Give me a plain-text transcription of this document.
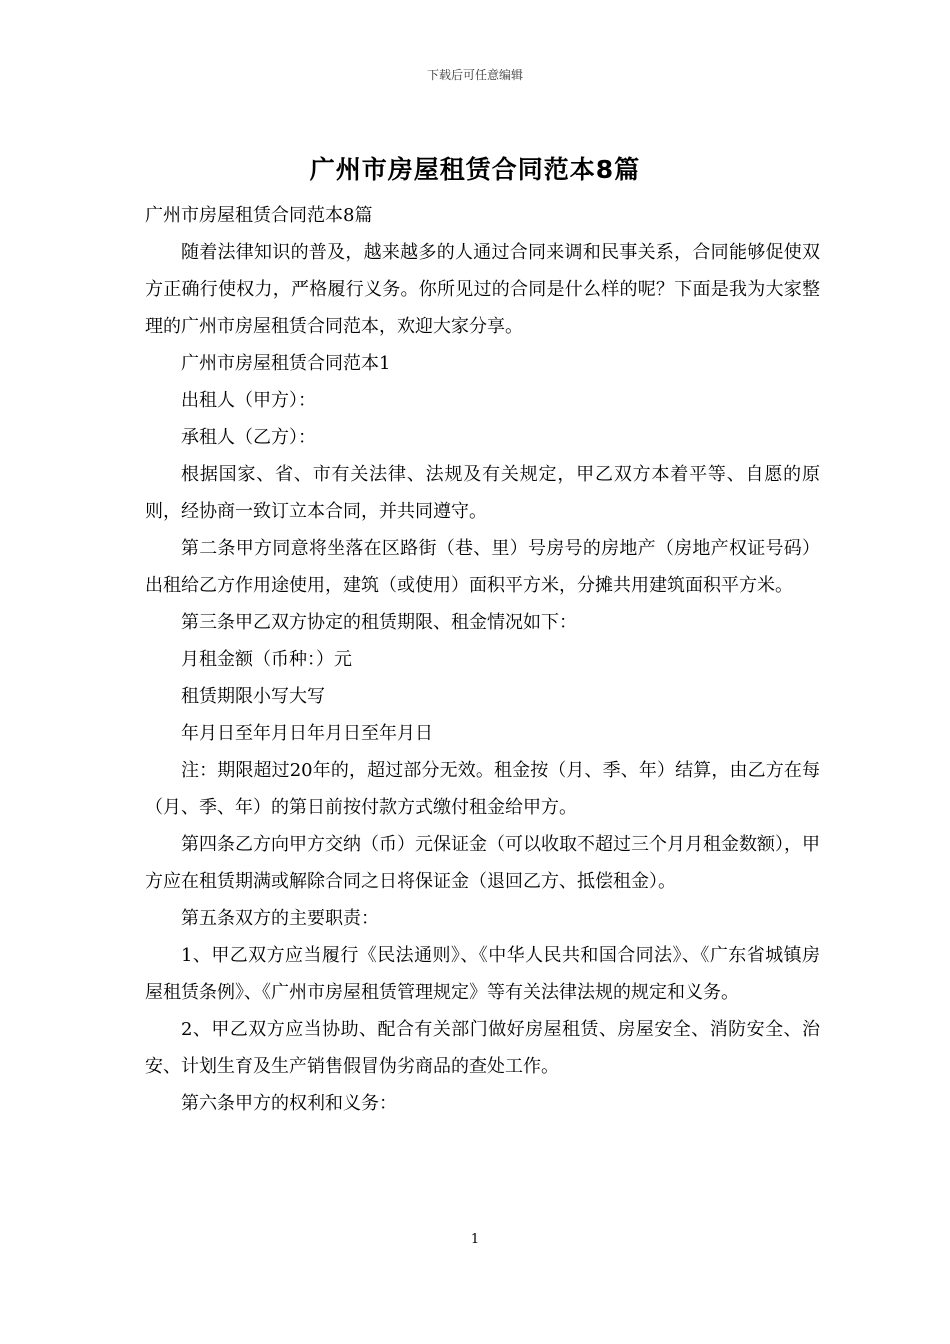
下载后可任意编辑
广州市房屋租赁合同范本8篇

广州市房屋租赁合同范本8篇

随着法律知识的普及，越来越多的人通过合同来调和民事关系，合同能够促使双方正确行使权力，严格履行义务。你所见过的合同是什么样的呢？下面是我为大家整理的广州市房屋租赁合同范本，欢迎大家分享。

广州市房屋租赁合同范本1

出租人（甲方）：

承租人（乙方）：

根据国家、省、市有关法律、法规及有关规定，甲乙双方本着平等、自愿的原则，经协商一致订立本合同，并共同遵守。

第二条甲方同意将坐落在区路街（巷、里）号房号的房地产（房地产权证号码）出租给乙方作用途使用，建筑（或使用）面积平方米，分摊共用建筑面积平方米。

第三条甲乙双方协定的租赁期限、租金情况如下：

月租金额（币种：）元

租赁期限小写大写

年月日至年月日年月日至年月日

注：期限超过20年的，超过部分无效。租金按（月、季、年）结算，由乙方在每（月、季、年）的第日前按付款方式缴付租金给甲方。

第四条乙方向甲方交纳（币）元保证金（可以收取不超过三个月月租金数额），甲方应在租赁期满或解除合同之日将保证金（退回乙方、抵偿租金）。

第五条双方的主要职责：

1、甲乙双方应当履行《民法通则》、《中华人民共和国合同法》、《广东省城镇房屋租赁条例》、《广州市房屋租赁管理规定》等有关法律法规的规定和义务。

2、甲乙双方应当协助、配合有关部门做好房屋租赁、房屋安全、消防安全、治安、计划生育及生产销售假冒伪劣商品的查处工作。

第六条甲方的权利和义务：

1
